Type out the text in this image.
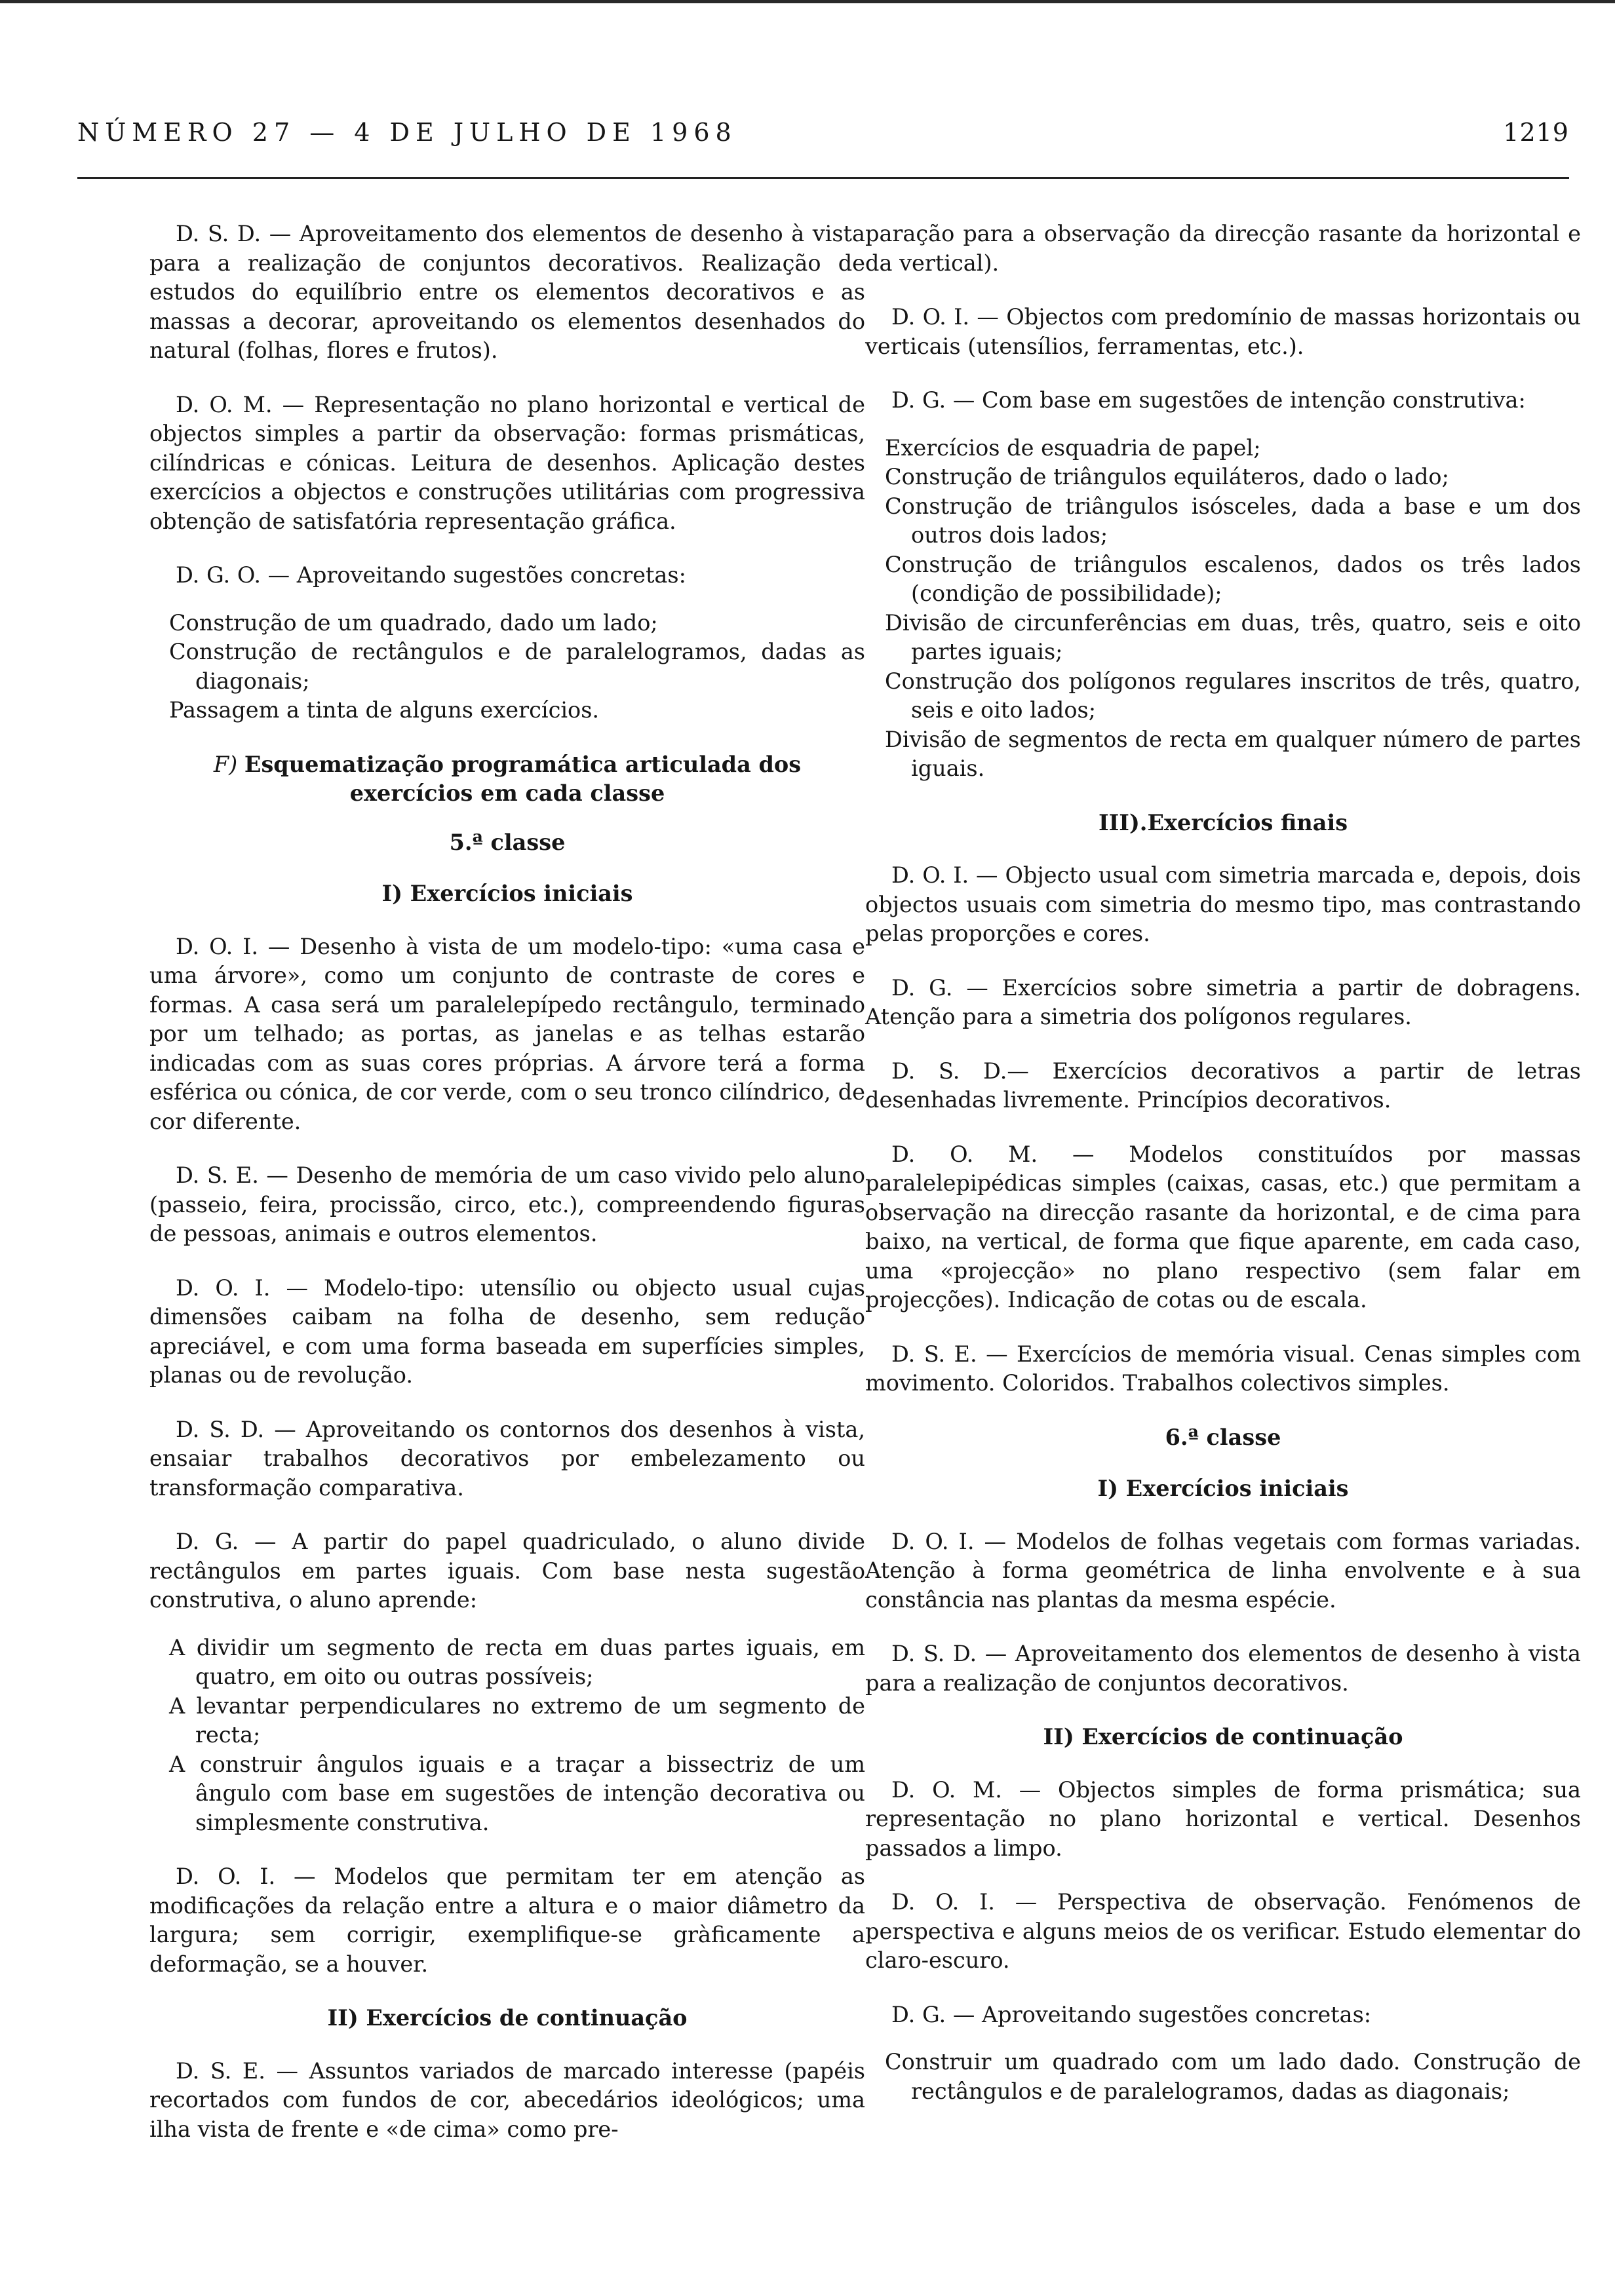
NÚMERO 27 — 4 DE JULHO DE 1968	1219

D. S. D. — Aproveitamento dos elementos de desenho à vista para a realização de conjuntos decorativos. Realização de estudos do equilíbrio entre os elementos decorativos e as massas a decorar, aproveitando os elementos desenhados do natural (folhas, flores e frutos).

D. O. M. — Representação no plano horizontal e vertical de objectos simples a partir da observação: formas prismáticas, cilíndricas e cónicas. Leitura de desenhos. Aplicação destes exercícios a objectos e construções utilitárias com progressiva obtenção de satisfatória representação gráfica.

D. G. O. — Aproveitando sugestões concretas:

Construção de um quadrado, dado um lado;
Construção de rectângulos e de paralelogramos, dadas as diagonais;
Passagem a tinta de alguns exercícios.

F) Esquematização programática articulada dos exercícios em cada classe

5.ª classe

I) Exercícios iniciais

D. O. I. — Desenho à vista de um modelo-tipo: «uma casa e uma árvore», como um conjunto de contraste de cores e formas. A casa será um paralelepípedo rectângulo, terminado por um telhado; as portas, as janelas e as telhas estarão indicadas com as suas cores próprias. A árvore terá a forma esférica ou cónica, de cor verde, com o seu tronco cilíndrico, de cor diferente.

D. S. E. — Desenho de memória de um caso vivido pelo aluno (passeio, feira, procissão, circo, etc.), compreendendo figuras de pessoas, animais e outros elementos.

D. O. I. — Modelo-tipo: utensílio ou objecto usual cujas dimensões caibam na folha de desenho, sem redução apreciável, e com uma forma baseada em superfícies simples, planas ou de revolução.

D. S. D. — Aproveitando os contornos dos desenhos à vista, ensaiar trabalhos decorativos por embelezamento ou transformação comparativa.

D. G. — A partir do papel quadriculado, o aluno divide rectângulos em partes iguais. Com base nesta sugestão construtiva, o aluno aprende:

A dividir um segmento de recta em duas partes iguais, em quatro, em oito ou outras possíveis;
A levantar perpendiculares no extremo de um segmento de recta;
A construir ângulos iguais e a traçar a bissectriz de um ângulo com base em sugestões de intenção decorativa ou simplesmente construtiva.

D. O. I. — Modelos que permitam ter em atenção as modificações da relação entre a altura e o maior diâmetro da largura; sem corrigir, exemplifique-se gràficamente a deformação, se a houver.

II) Exercícios de continuação

D. S. E. — Assuntos variados de marcado interesse (papéis recortados com fundos de cor, abecedários ideológicos; uma ilha vista de frente e «de cima» como pre-

paração para a observação da direcção rasante da horizontal e da vertical).

D. O. I. — Objectos com predomínio de massas horizontais ou verticais (utensílios, ferramentas, etc.).

D. G. — Com base em sugestões de intenção construtiva:

Exercícios de esquadria de papel;
Construção de triângulos equiláteros, dado o lado;
Construção de triângulos isósceles, dada a base e um dos outros dois lados;
Construção de triângulos escalenos, dados os três lados (condição de possibilidade);
Divisão de circunferências em duas, três, quatro, seis e oito partes iguais;
Construção dos polígonos regulares inscritos de três, quatro, seis e oito lados;
Divisão de segmentos de recta em qualquer número de partes iguais.

III).Exercícios finais

D. O. I. — Objecto usual com simetria marcada e, depois, dois objectos usuais com simetria do mesmo tipo, mas contrastando pelas proporções e cores.

D. G. — Exercícios sobre simetria a partir de dobragens. Atenção para a simetria dos polígonos regulares.

D. S. D.— Exercícios decorativos a partir de letras desenhadas livremente. Princípios decorativos.

D. O. M. — Modelos constituídos por massas paralelepipédicas simples (caixas, casas, etc.) que permitam a observação na direcção rasante da horizontal, e de cima para baixo, na vertical, de forma que fique aparente, em cada caso, uma «projecção» no plano respectivo (sem falar em projecções). Indicação de cotas ou de escala.

D. S. E. — Exercícios de memória visual. Cenas simples com movimento. Coloridos. Trabalhos colectivos simples.

6.ª classe

I) Exercícios iniciais

D. O. I. — Modelos de folhas vegetais com formas variadas. Atenção à forma geométrica de linha envolvente e à sua constância nas plantas da mesma espécie.

D. S. D. — Aproveitamento dos elementos de desenho à vista para a realização de conjuntos decorativos.

II) Exercícios de continuação

D. O. M. — Objectos simples de forma prismática; sua representação no plano horizontal e vertical. Desenhos passados a limpo.

D. O. I. — Perspectiva de observação. Fenómenos de perspectiva e alguns meios de os verificar. Estudo elementar do claro-escuro.

D. G. — Aproveitando sugestões concretas:

Construir um quadrado com um lado dado. Construção de rectângulos e de paralelogramos, dadas as diagonais;
